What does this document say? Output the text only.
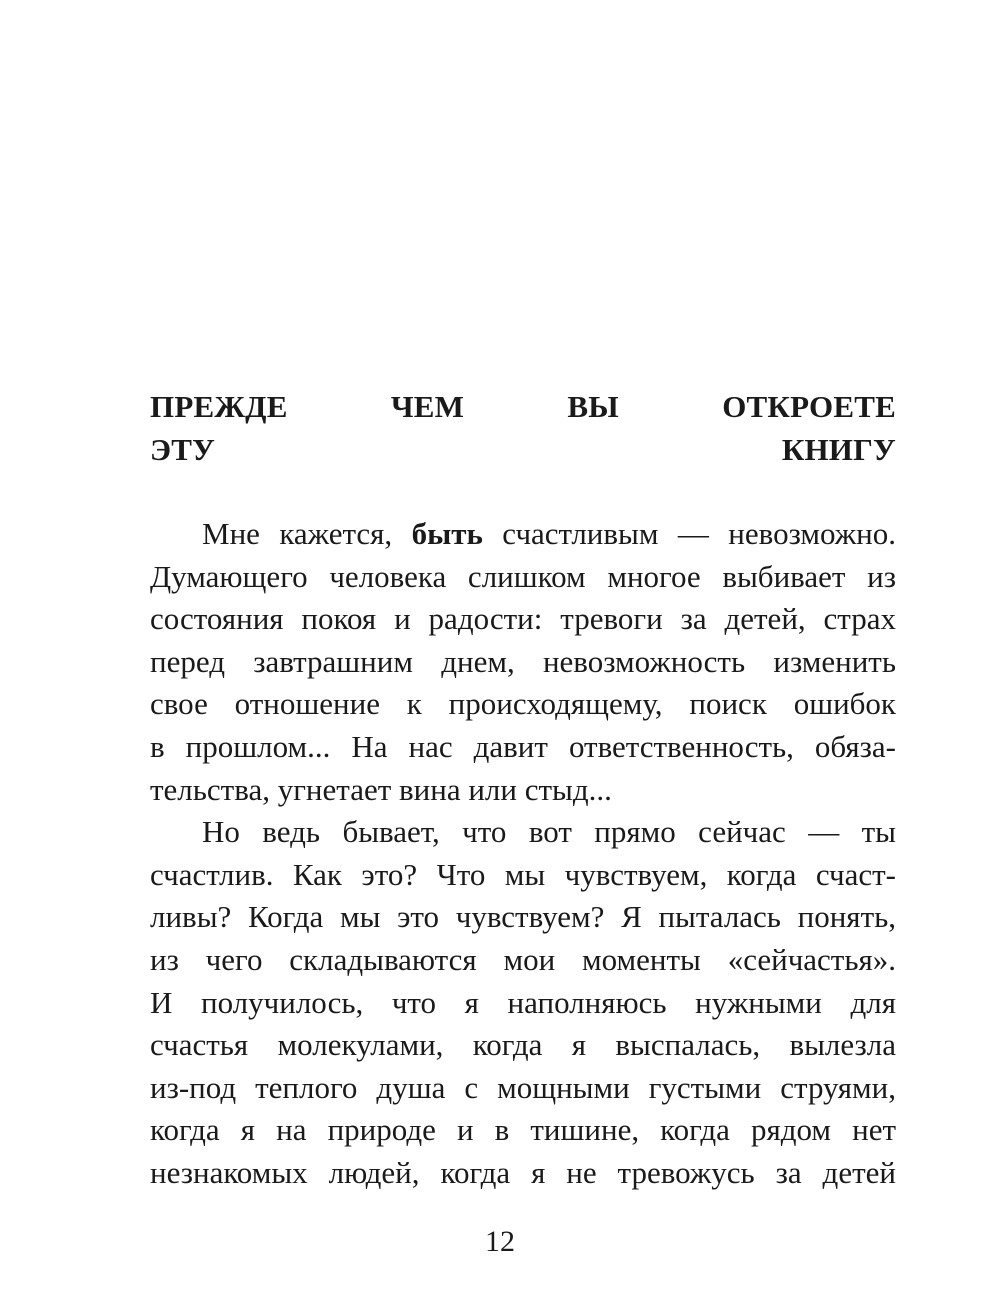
ПРЕЖДЕ ЧЕМ ВЫ ОТКРОЕТЕ
ЭТУ КНИГУ

Мне кажется, быть счастливым — невозможно.
Думающего человека слишком многое выбивает из
состояния покоя и радости: тревоги за детей, страх
перед завтрашним днем, невозможность изменить
свое отношение к происходящему, поиск ошибок
в прошлом... На нас давит ответственность, обяза-
тельства, угнетает вина или стыд...

Но ведь бывает, что вот прямо сейчас — ты
счастлив. Как это? Что мы чувствуем, когда счаст-
ливы? Когда мы это чувствуем? Я пыталась понять,
из чего складываются мои моменты «сейчастья».
И получилось, что я наполняюсь нужными для
счастья молекулами, когда я выспалась, вылезла
из-под теплого душа с мощными густыми струями,
когда я на природе и в тишине, когда рядом нет
незнакомых людей, когда я не тревожусь за детей

12
